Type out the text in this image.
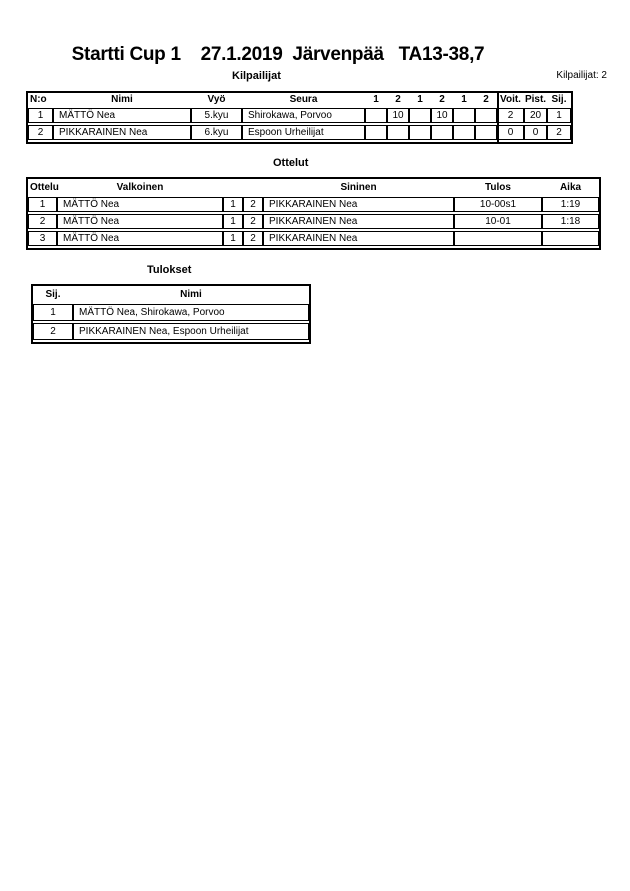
Startti Cup 1    27.1.2019  Järvenpää   TA13-38,7
Kilpailijat	Kilpailijat: 2
N:o	Nimi	Vyö	Seura	1	2	1	2	1	2	Voit. Pist. Sij.
1	MÄTTÖ Nea	5.kyu	Shirokawa, Porvoo		10		10			2	20	1
2	PIKKARAINEN Nea	6.kyu	Espoon Urheilijat							0	0	2
Ottelut
Ottelu	Valkoinen	Sininen	Tulos	Aika
1	MÄTTÖ Nea	1	2	PIKKARAINEN Nea	10-00s1	1:19
2	MÄTTÖ Nea	1	2	PIKKARAINEN Nea	10-01	1:18
3	MÄTTÖ Nea	1	2	PIKKARAINEN Nea		
Tulokset
Sij.	Nimi
1	MÄTTÖ Nea, Shirokawa, Porvoo
2	PIKKARAINEN Nea, Espoon Urheilijat
